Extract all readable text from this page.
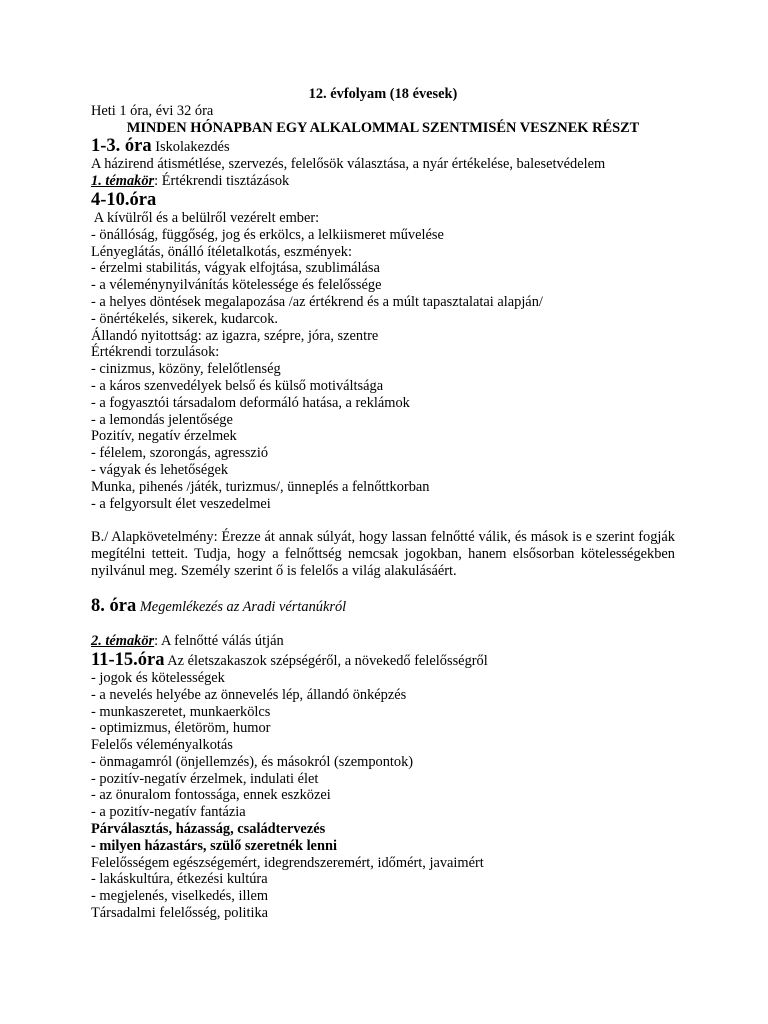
12. évfolyam (18 évesek)
Heti 1 óra, évi 32 óra
MINDEN HÓNAPBAN EGY ALKALOMMAL SZENTMISÉN VESZNEK RÉSZT
1-3. óra Iskolakezdés
A házirend átismétlése, szervezés, felelősök választása, a nyár értékelése, balesetvédelem
1. témakör: Értékrendi tisztázások
4-10.óra
A kívülről és a belülről vezérelt ember:
- önállóság, függőség, jog és erkölcs, a lelkiismeret művelése
Lényeglátás, önálló ítéletalkotás, eszmények:
- érzelmi stabilitás, vágyak elfojtása, szublimálása
- a véleménynyilvánítás kötelessége és felelőssége
- a helyes döntések megalapozása /az értékrend és a múlt tapasztalatai alapján/
- önértékelés, sikerek, kudarcok.
Állandó nyitottság: az igazra, szépre, jóra, szentre
Értékrendi torzulások:
- cinizmus, közöny, felelőtlenség
- a káros szenvedélyek belső és külső motiváltsága
- a fogyasztói társadalom deformáló hatása, a reklámok
- a lemondás jelentősége
Pozitív, negatív érzelmek
- félelem, szorongás, agresszió
- vágyak és lehetőségek
Munka, pihenés /játék, turizmus/, ünneplés a felnőttkorban
- a felgyorsult élet veszedelmei
B./ Alapkövetelmény: Érezze át annak súlyát, hogy lassan felnőtté válik, és mások is e szerint fogják megítélni tetteit. Tudja, hogy a felnőttség nemcsak jogokban, hanem elsősorban kötelességekben nyilvánul meg. Személy szerint ő is felelős a világ alakulásáért.
8. óra Megemlékezés az Aradi vértanúkról
2. témakör: A felnőtté válás útján
11-15.óra Az életszakaszok szépségéről, a növekedő felelősségről
- jogok és kötelességek
- a nevelés helyébe az önnevelés lép, állandó önképzés
- munkaszeretet, munkaerkölcs
- optimizmus, életöröm, humor
Felelős véleményalkotás
- önmagamról (önjellemzés), és másokról (szempontok)
- pozitív-negatív érzelmek, indulati élet
- az önuralom fontossága, ennek eszközei
- a pozitív-negatív fantázia
Párválasztás, házasság, családtervezés
- milyen házastárs, szülő szeretnék lenni
Felelősségem egészségemért, idegrendszeremért, időmért, javaimért
- lakáskultúra, étkezési kultúra
- megjelenés, viselkedés, illem
Társadalmi felelősség, politika
